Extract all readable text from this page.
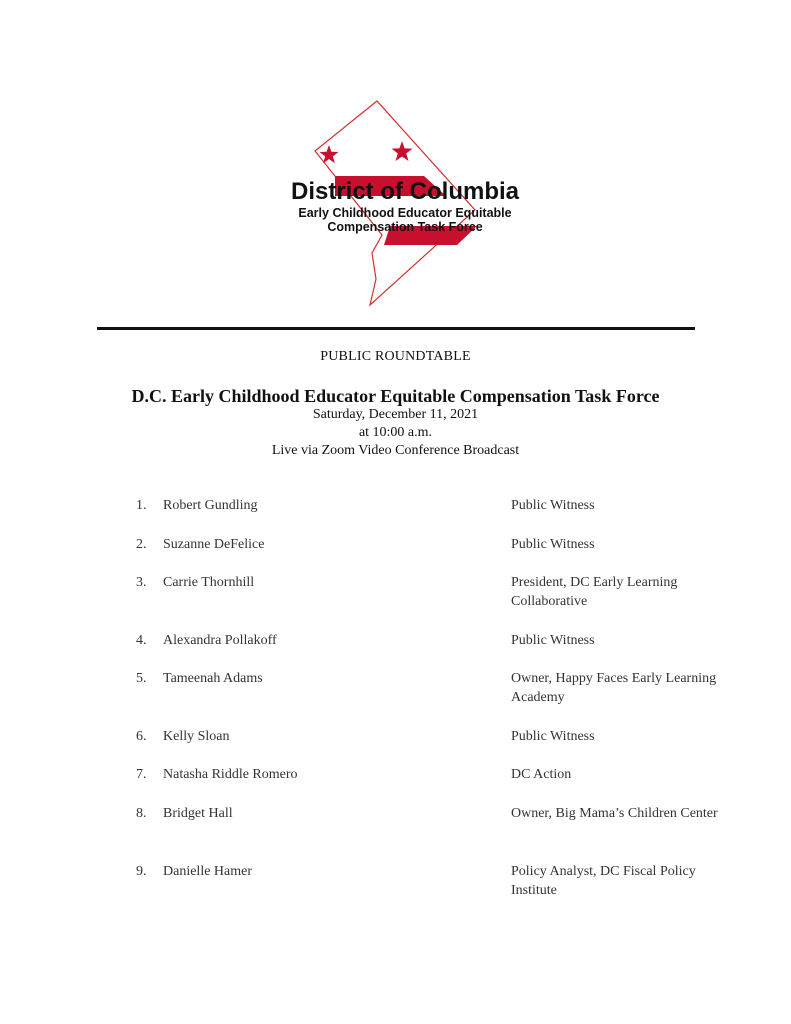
District of Columbia
Early Childhood Educator Equitable
Compensation Task Force
PUBLIC ROUNDTABLE
D.C. Early Childhood Educator Equitable Compensation Task Force
Saturday, December 11, 2021
at 10:00 a.m.
Live via Zoom Video Conference Broadcast
1.	Robert Gundling	Public Witness
2.	Suzanne DeFelice	Public Witness
3.	Carrie Thornhill	President, DC Early Learning Collaborative
4.	Alexandra Pollakoff	Public Witness
5.	Tameenah Adams	Owner, Happy Faces Early Learning Academy
6.	Kelly Sloan	Public Witness
7.	Natasha Riddle Romero	DC Action
8.	Bridget Hall	Owner, Big Mama’s Children Center
9.	Danielle Hamer	Policy Analyst, DC Fiscal Policy Institute
